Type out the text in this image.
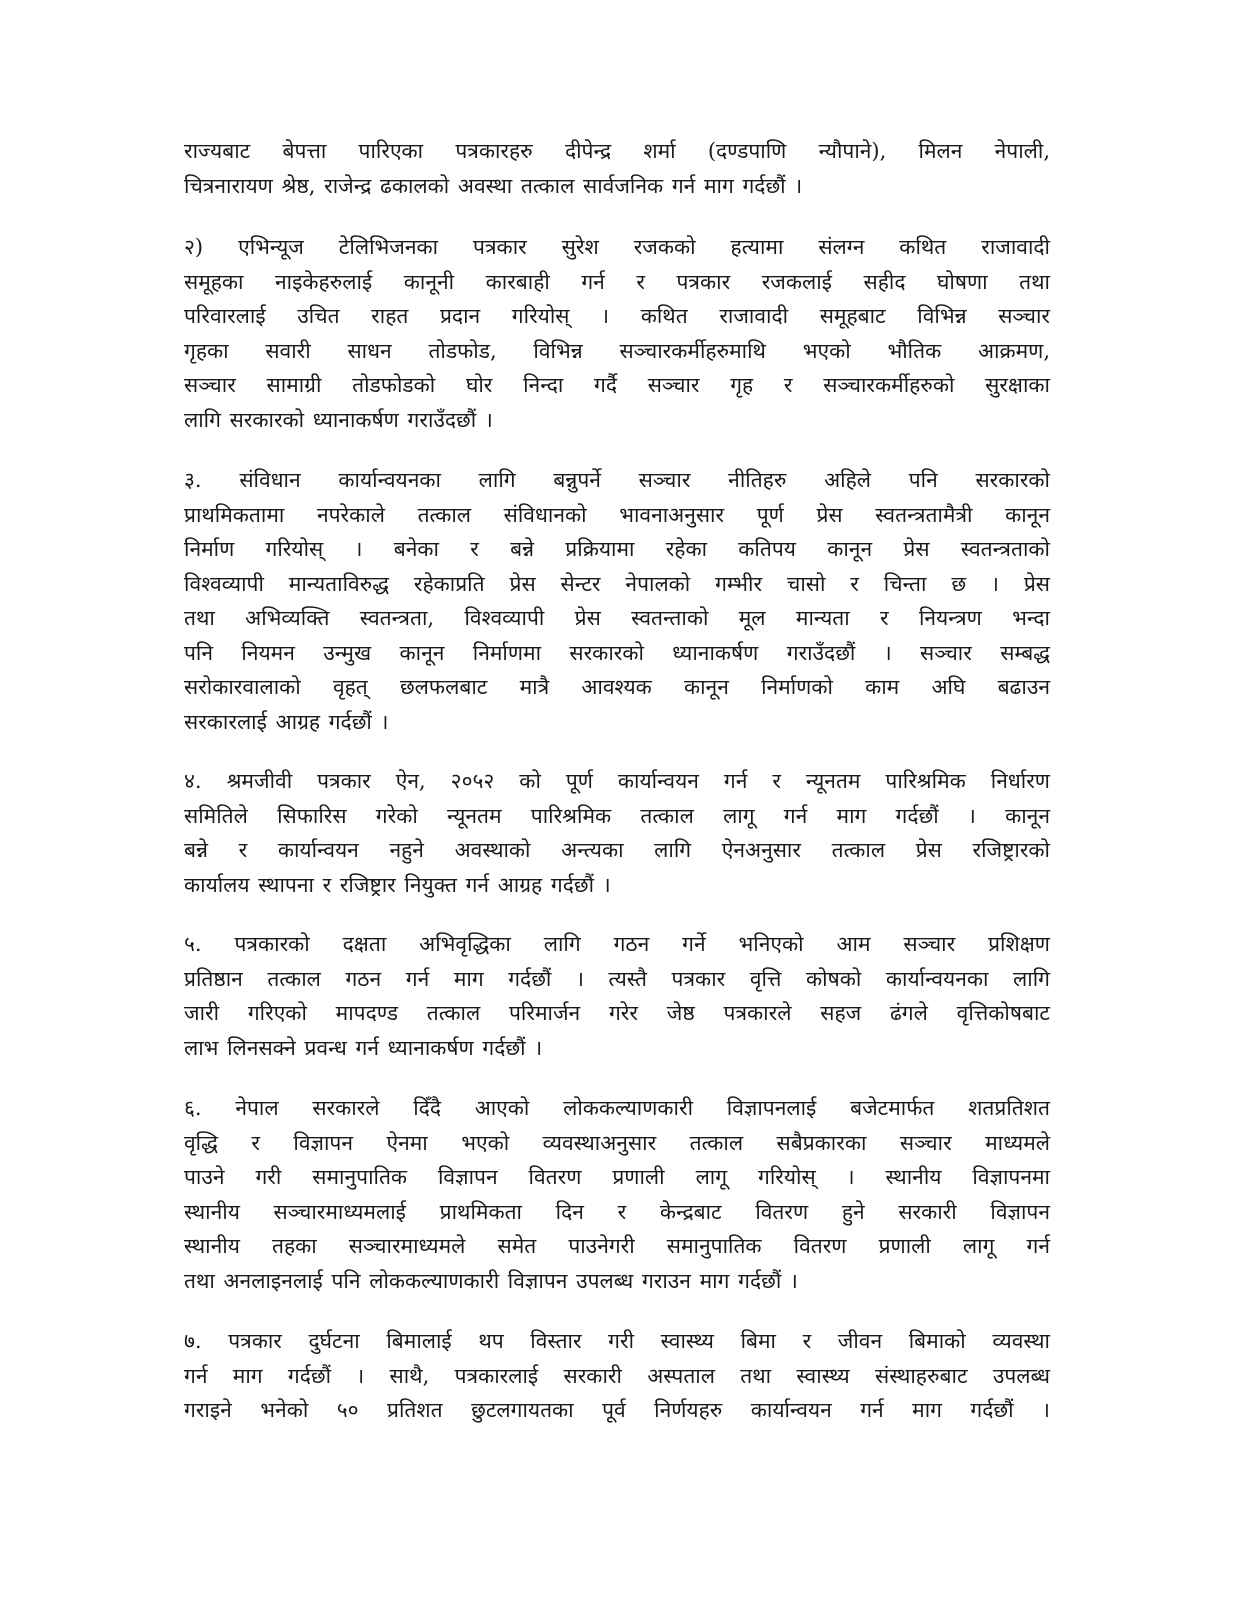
राज्यबाट बेपत्ता पारिएका पत्रकारहरु दीपेन्द्र शर्मा (दण्डपाणि न्यौपाने), मिलन नेपाली,
चित्रनारायण श्रेष्ठ, राजेन्द्र ढकालको अवस्था तत्काल सार्वजनिक गर्न माग गर्दछौं ।

२) एभिन्यूज टेलिभिजनका पत्रकार सुरेश रजकको हत्यामा संलग्न कथित राजावादी
समूहका नाइकेहरुलाई कानूनी कारबाही गर्न र पत्रकार रजकलाई सहीद घोषणा तथा
परिवारलाई उचित राहत प्रदान गरियोस् । कथित राजावादी समूहबाट विभिन्न सञ्चार
गृहका सवारी साधन तोडफोड, विभिन्न सञ्चारकर्मीहरुमाथि भएको भौतिक आक्रमण,
सञ्चार सामाग्री तोडफोडको घोर निन्दा गर्दै सञ्चार गृह र सञ्चारकर्मीहरुको सुरक्षाका
लागि सरकारको ध्यानाकर्षण गराउँदछौं ।

३. संविधान कार्यान्वयनका लागि बन्नुपर्ने सञ्चार नीतिहरु अहिले पनि सरकारको
प्राथमिकतामा नपरेकाले तत्काल संविधानको भावनाअनुसार पूर्ण प्रेस स्वतन्त्रतामैत्री कानून
निर्माण गरियोस् । बनेका र बन्ने प्रक्रियामा रहेका कतिपय कानून प्रेस स्वतन्त्रताको
विश्वव्यापी मान्यताविरुद्ध रहेकाप्रति प्रेस सेन्टर नेपालको गम्भीर चासो र चिन्ता छ । प्रेस
तथा अभिव्यक्ति स्वतन्त्रता, विश्वव्यापी प्रेस स्वतन्ताको मूल मान्यता र नियन्त्रण भन्दा
पनि नियमन उन्मुख कानून निर्माणमा सरकारको ध्यानाकर्षण गराउँदछौं । सञ्चार सम्बद्ध
सरोकारवालाको वृहत् छलफलबाट मात्रै आवश्यक कानून निर्माणको काम अघि बढाउन
सरकारलाई आग्रह गर्दछौं ।

४. श्रमजीवी पत्रकार ऐन, २०५२ को पूर्ण कार्यान्वयन गर्न र न्यूनतम पारिश्रमिक निर्धारण
समितिले सिफारिस गरेको न्यूनतम पारिश्रमिक तत्काल लागू गर्न माग गर्दछौं । कानून
बन्ने र कार्यान्वयन नहुने अवस्थाको अन्त्यका लागि ऐनअनुसार तत्काल प्रेस रजिष्ट्रारको
कार्यालय स्थापना र रजिष्ट्रार नियुक्त गर्न आग्रह गर्दछौं ।

५. पत्रकारको दक्षता अभिवृद्धिका लागि गठन गर्ने भनिएको आम सञ्चार प्रशिक्षण
प्रतिष्ठान तत्काल गठन गर्न माग गर्दछौं । त्यस्तै पत्रकार वृत्ति कोषको कार्यान्वयनका लागि
जारी गरिएको मापदण्ड तत्काल परिमार्जन गरेर जेष्ठ पत्रकारले सहज ढंगले वृत्तिकोषबाट
लाभ लिनसक्ने प्रवन्ध गर्न ध्यानाकर्षण गर्दछौं ।

६. नेपाल सरकारले दिँदै आएको लोककल्याणकारी विज्ञापनलाई बजेटमार्फत शतप्रतिशत
वृद्धि र विज्ञापन ऐनमा भएको व्यवस्थाअनुसार तत्काल सबैप्रकारका सञ्चार माध्यमले
पाउने गरी समानुपातिक विज्ञापन वितरण प्रणाली लागू गरियोस् । स्थानीय विज्ञापनमा
स्थानीय सञ्चारमाध्यमलाई प्राथमिकता दिन र केन्द्रबाट वितरण हुने सरकारी विज्ञापन
स्थानीय तहका सञ्चारमाध्यमले समेत पाउनेगरी समानुपातिक वितरण प्रणाली लागू गर्न
तथा अनलाइनलाई पनि लोककल्याणकारी विज्ञापन उपलब्ध गराउन माग गर्दछौं ।

७. पत्रकार दुर्घटना बिमालाई थप विस्तार गरी स्वास्थ्य बिमा र जीवन बिमाको व्यवस्था
गर्न माग गर्दछौं । साथै, पत्रकारलाई सरकारी अस्पताल तथा स्वास्थ्य संस्थाहरुबाट उपलब्ध
गराइने भनेको ५० प्रतिशत छुटलगायतका पूर्व निर्णयहरु कार्यान्वयन गर्न माग गर्दछौं ।
